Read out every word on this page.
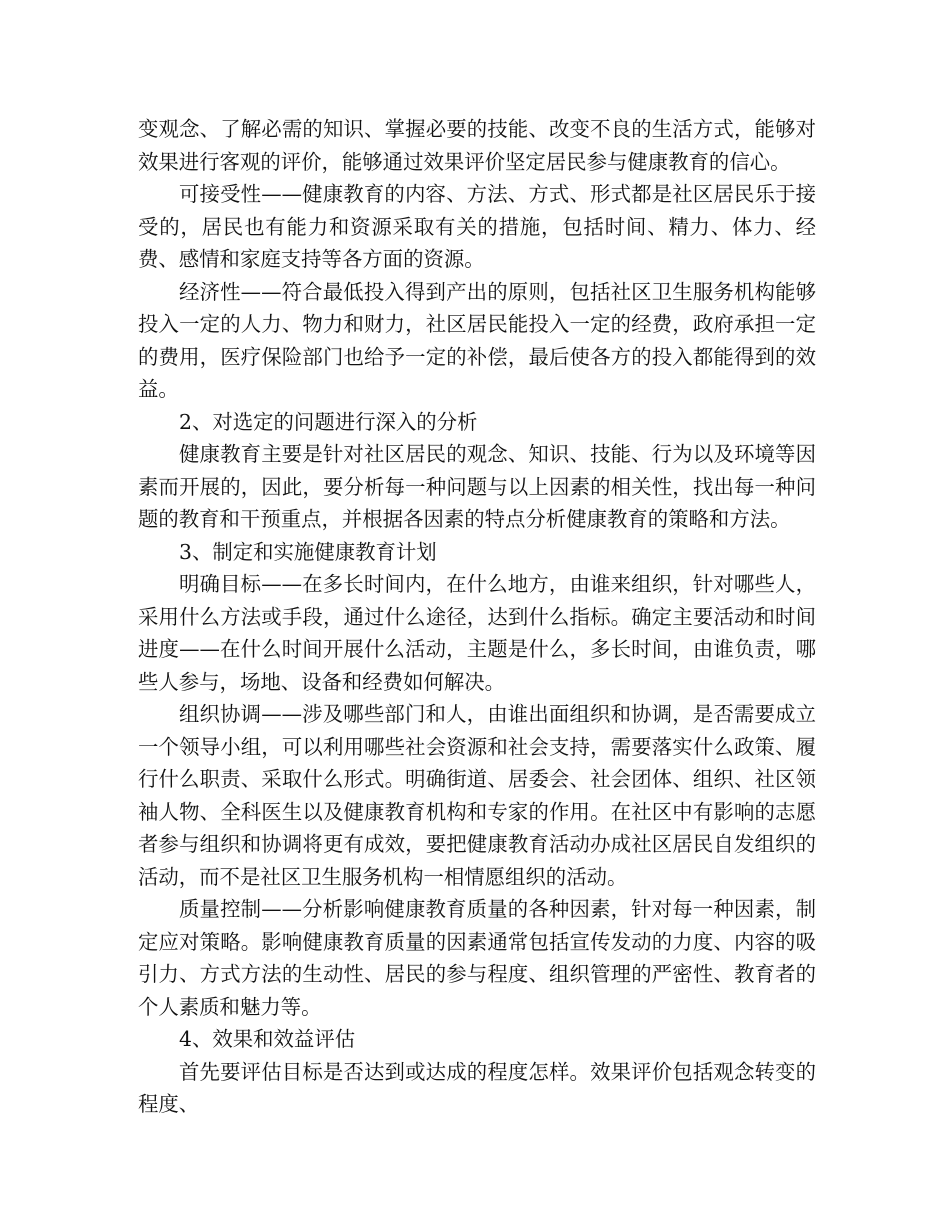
变观念、了解必需的知识、掌握必要的技能、改变不良的生活方式，能够对效果进行客观的评价，能够通过效果评价坚定居民参与健康教育的信心。

可接受性——健康教育的内容、方法、方式、形式都是社区居民乐于接受的，居民也有能力和资源采取有关的措施，包括时间、精力、体力、经费、感情和家庭支持等各方面的资源。

经济性——符合最低投入得到产出的原则，包括社区卫生服务机构能够投入一定的人力、物力和财力，社区居民能投入一定的经费，政府承担一定的费用，医疗保险部门也给予一定的补偿，最后使各方的投入都能得到的效益。

2、对选定的问题进行深入的分析

健康教育主要是针对社区居民的观念、知识、技能、行为以及环境等因素而开展的，因此，要分析每一种问题与以上因素的相关性，找出每一种问题的教育和干预重点，并根据各因素的特点分析健康教育的策略和方法。

3、制定和实施健康教育计划

明确目标——在多长时间内，在什么地方，由谁来组织，针对哪些人，采用什么方法或手段，通过什么途径，达到什么指标。确定主要活动和时间进度——在什么时间开展什么活动，主题是什么，多长时间，由谁负责，哪些人参与，场地、设备和经费如何解决。

组织协调——涉及哪些部门和人，由谁出面组织和协调，是否需要成立一个领导小组，可以利用哪些社会资源和社会支持，需要落实什么政策、履行什么职责、采取什么形式。明确街道、居委会、社会团体、组织、社区领袖人物、全科医生以及健康教育机构和专家的作用。在社区中有影响的志愿者参与组织和协调将更有成效，要把健康教育活动办成社区居民自发组织的活动，而不是社区卫生服务机构一相情愿组织的活动。

质量控制——分析影响健康教育质量的各种因素，针对每一种因素，制定应对策略。影响健康教育质量的因素通常包括宣传发动的力度、内容的吸引力、方式方法的生动性、居民的参与程度、组织管理的严密性、教育者的个人素质和魅力等。

4、效果和效益评估

首先要评估目标是否达到或达成的程度怎样。效果评价包括观念转变的程度、
